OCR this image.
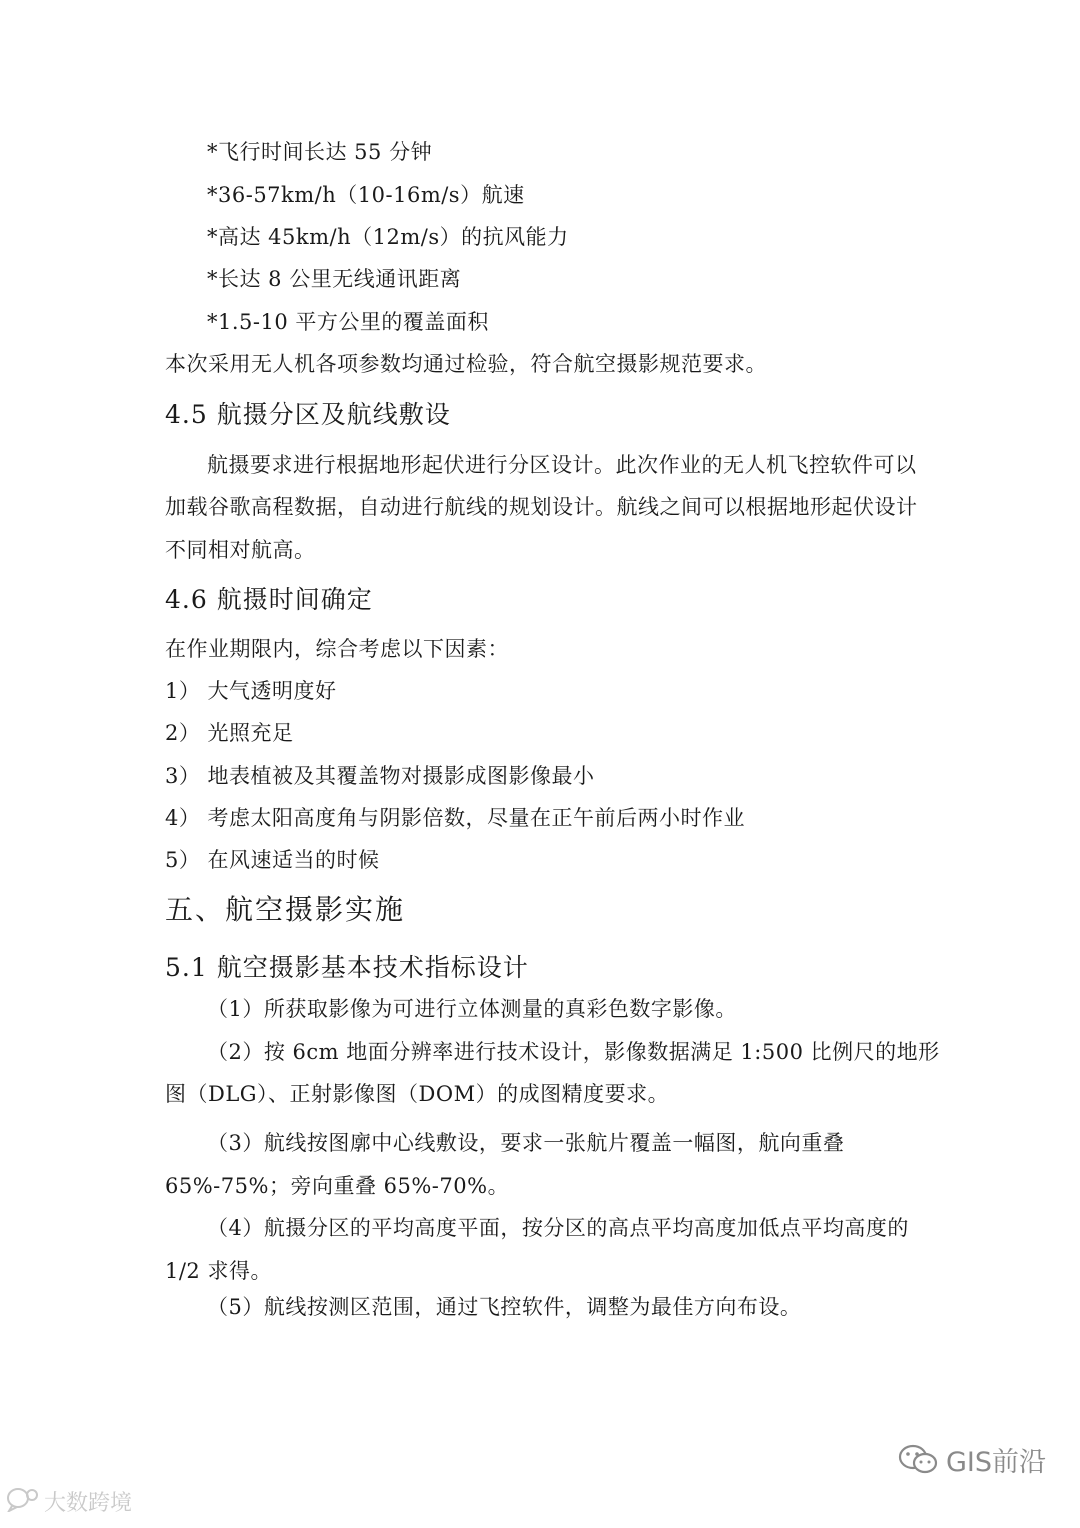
*飞行时间长达 55 分钟
*36-57km/h（10-16m/s）航速
*高达 45km/h（12m/s）的抗风能力
*长达 8 公里无线通讯距离
*1.5-10 平方公里的覆盖面积
本次采用无人机各项参数均通过检验，符合航空摄影规范要求。
4.5 航摄分区及航线敷设
航摄要求进行根据地形起伏进行分区设计。此次作业的无人机飞控软件可以
加载谷歌高程数据，自动进行航线的规划设计。航线之间可以根据地形起伏设计
不同相对航高。
4.6 航摄时间确定
在作业期限内，综合考虑以下因素：
1） 大气透明度好
2） 光照充足
3） 地表植被及其覆盖物对摄影成图影像最小
4） 考虑太阳高度角与阴影倍数，尽量在正午前后两小时作业
5） 在风速适当的时候
五、航空摄影实施
5.1 航空摄影基本技术指标设计
（1）所获取影像为可进行立体测量的真彩色数字影像。
（2）按 6cm 地面分辨率进行技术设计，影像数据满足 1:500 比例尺的地形
图（DLG）、正射影像图（DOM）的成图精度要求。
（3）航线按图廓中心线敷设，要求一张航片覆盖一幅图，航向重叠
65%-75%；旁向重叠 65%-70%。
（4）航摄分区的平均高度平面，按分区的高点平均高度加低点平均高度的
1/2 求得。
（5）航线按测区范围，通过飞控软件，调整为最佳方向布设。
大数跨境
GIS前沿
